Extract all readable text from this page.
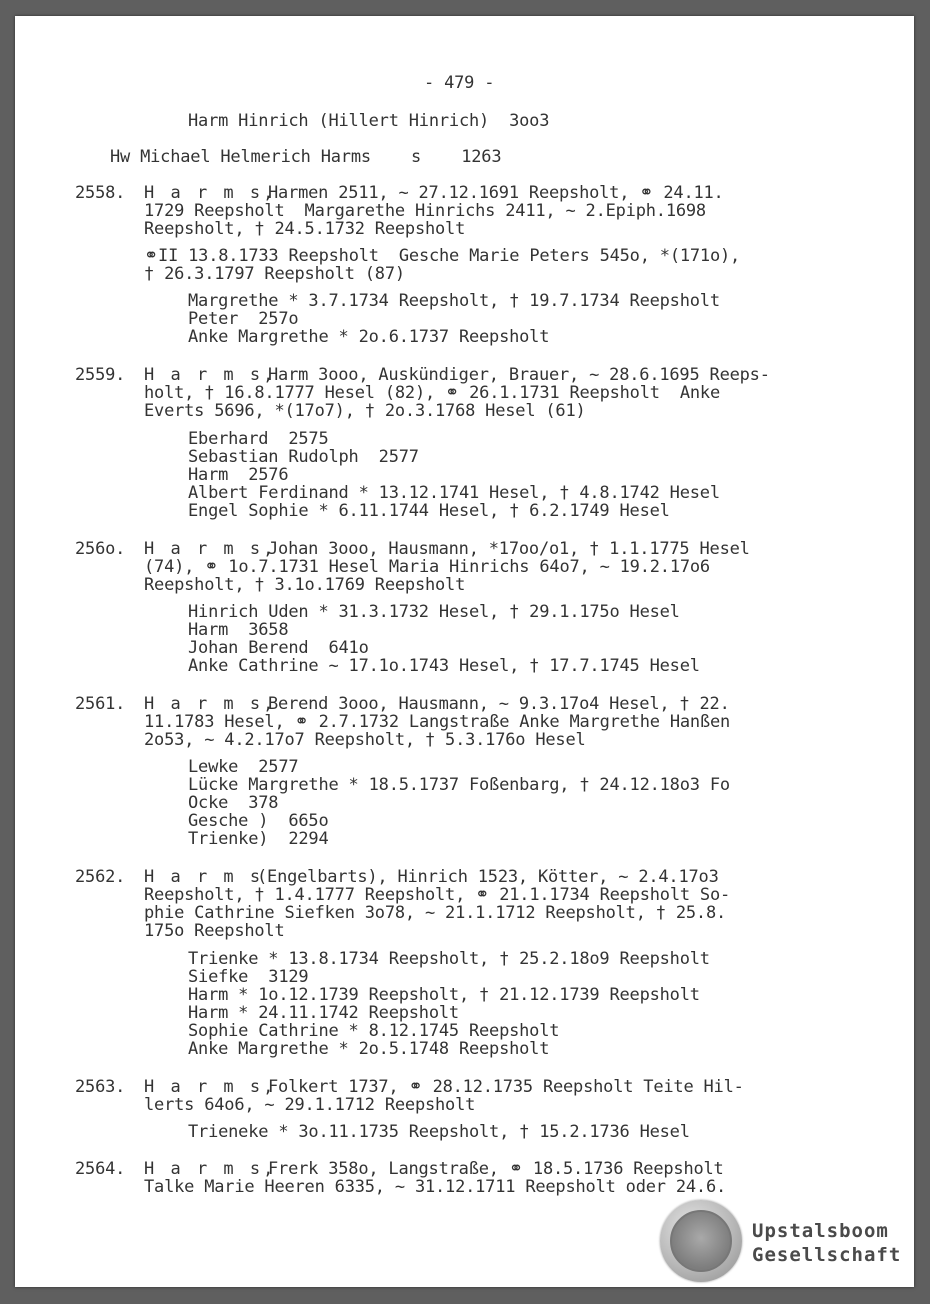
- 479 -
Harm Hinrich (Hillert Hinrich)  3oo3
Hw Michael Helmerich Harms    s    1263
2558. H a r m s,
Harmen 2511, ~ 27.12.1691 Reepsholt, ⚭ 24.11.
1729 Reepsholt  Margarethe Hinrichs 2411, ~ 2.Epiph.1698
Reepsholt, † 24.5.1732 Reepsholt
⚭II 13.8.1733 Reepsholt  Gesche Marie Peters 545o, *(171o),
† 26.3.1797 Reepsholt (87)
Margrethe * 3.7.1734 Reepsholt, † 19.7.1734 Reepsholt
Peter  257o
Anke Margrethe * 2o.6.1737 Reepsholt
2559. H a r m s,
Harm 3ooo, Auskündiger, Brauer, ~ 28.6.1695 Reeps-
holt, † 16.8.1777 Hesel (82), ⚭ 26.1.1731 Reepsholt  Anke
Everts 5696, *(17o7), † 2o.3.1768 Hesel (61)
Eberhard  2575
Sebastian Rudolph  2577
Harm  2576
Albert Ferdinand * 13.12.1741 Hesel, † 4.8.1742 Hesel
Engel Sophie * 6.11.1744 Hesel, † 6.2.1749 Hesel
256o. H a r m s,
Johan 3ooo, Hausmann, *17oo/o1, † 1.1.1775 Hesel
(74), ⚭ 1o.7.1731 Hesel Maria Hinrichs 64o7, ~ 19.2.17o6
Reepsholt, † 3.1o.1769 Reepsholt
Hinrich Uden * 31.3.1732 Hesel, † 29.1.175o Hesel
Harm  3658
Johan Berend  641o
Anke Cathrine ~ 17.1o.1743 Hesel, † 17.7.1745 Hesel
2561. H a r m s,
Berend 3ooo, Hausmann, ~ 9.3.17o4 Hesel, † 22.
11.1783 Hesel, ⚭ 2.7.1732 Langstraße Anke Margrethe Hanßen
2o53, ~ 4.2.17o7 Reepsholt, † 5.3.176o Hesel
Lewke  2577
Lücke Margrethe * 18.5.1737 Foßenbarg, † 24.12.18o3 Fo
Ocke  378
Gesche )  665o
Trienke)  2294
2562. H a r m s
(Engelbarts), Hinrich 1523, Kötter, ~ 2.4.17o3
Reepsholt, † 1.4.1777 Reepsholt, ⚭ 21.1.1734 Reepsholt So-
phie Cathrine Siefken 3o78, ~ 21.1.1712 Reepsholt, † 25.8.
175o Reepsholt
Trienke * 13.8.1734 Reepsholt, † 25.2.18o9 Reepsholt
Siefke  3129
Harm * 1o.12.1739 Reepsholt, † 21.12.1739 Reepsholt
Harm * 24.11.1742 Reepsholt
Sophie Cathrine * 8.12.1745 Reepsholt
Anke Margrethe * 2o.5.1748 Reepsholt
2563. H a r m s,
Folkert 1737, ⚭ 28.12.1735 Reepsholt Teite Hil-
lerts 64o6, ~ 29.1.1712 Reepsholt
Trieneke * 3o.11.1735 Reepsholt, † 15.2.1736 Hesel
2564. H a r m s,
Frerk 358o, Langstraße, ⚭ 18.5.1736 Reepsholt
Talke Marie Heeren 6335, ~ 31.12.1711 Reepsholt oder 24.6.
Upstalsboom
Gesellschaft
